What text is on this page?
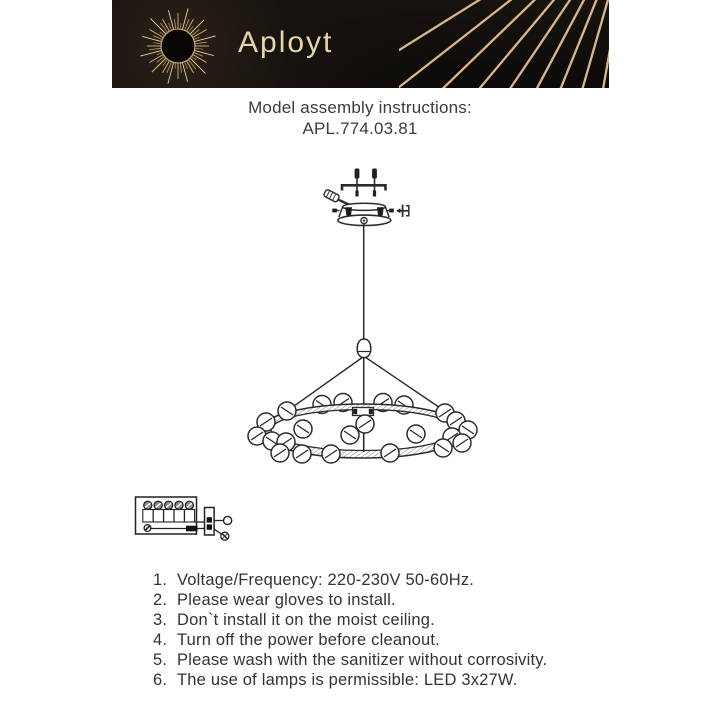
Aployt
Model assembly instructions:
APL.774.03.81
1. Voltage/Frequency: 220-230V 50-60Hz.
2. Please wear gloves to install.
3. Don`t install it on the moist ceiling.
4. Turn off the power before cleanout.
5. Please wash with the sanitizer without corrosivity.
6. The use of lamps is permissible: LED 3x27W.
